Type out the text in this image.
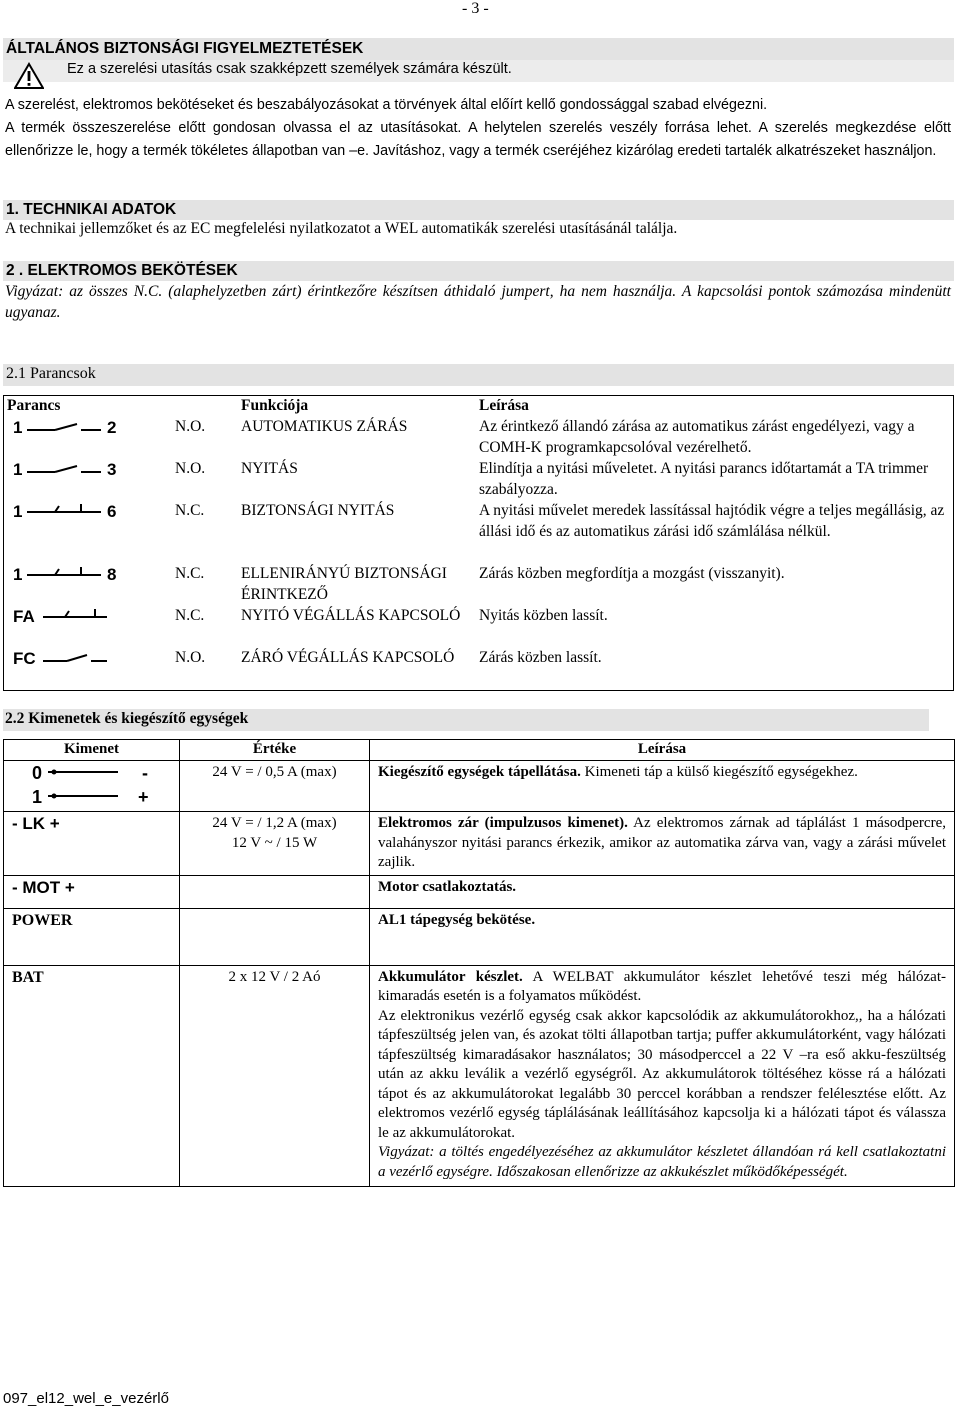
- 3 -
ÁLTALÁNOS BIZTONSÁGI FIGYELMEZTETÉSEK
Ez a szerelési utasítás csak szakképzett személyek számára készült.
A szerelést, elektromos bekötéseket és beszabályozásokat a törvények által előírt kellő gondossággal szabad elvégezni.
A termék összeszerelése előtt gondosan olvassa el az utasításokat. A helytelen szerelés veszély forrása lehet. A szerelés megkezdése előtt ellenőrizze le, hogy a termék tökéletes állapotban van –e. Javításhoz, vagy a termék cseréjéhez kizárólag eredeti tartalék alkatrészeket használjon.
1. TECHNIKAI ADATOK
A technikai jellemzőket és az EC megfelelési nyilatkozatot a WEL automatikák szerelési utasításánál találja.
2 . ELEKTROMOS BEKÖTÉSEK
Vigyázat: az összes N.C. (alaphelyzetben zárt) érintkezőre készítsen áthidaló jumpert, ha nem használja. A kapcsolási pontok számozása mindenütt ugyanaz.
2.1 Parancsok
Parancs		Funkciója	Leírása

1 2	N.O.	AUTOMATIKUS ZÁRÁS	Az érintkező állandó zárása az automatikus zárást engedélyezi, vagy a COMH-K programkapcsolóval vezérelhető.

1 3	N.O.	NYITÁS	Elindítja a nyitási műveletet. A nyitási parancs időtartamát a TA trimmer szabályozza.

1 6	N.C.	BIZTONSÁGI NYITÁS	A nyitási művelet meredek lassítással hajtódik végre a teljes megállásig, az állási idő és az automatikus zárási idő számlálása nélkül.

1 8	N.C.	ELLENIRÁNYÚ BIZTONSÁGI ÉRINTKEZŐ	Zárás közben megfordítja a mozgást (visszanyit).

FA	N.C.	NYITÓ VÉGÁLLÁS KAPCSOLÓ	Nyitás közben lassít.

FC	N.O.	ZÁRÓ VÉGÁLLÁS KAPCSOLÓ	Zárás közben lassít.
2.2 Kimenetek és kiegészítő egységek
Kimenet	Értéke	Leírása

0 -
1 +	24 V = / 0,5 A (max)	Kiegészítő egységek tápellátása. Kimeneti táp a külső kiegészítő egységekhez.
- LK +	24 V = / 1,2 A (max)
12 V ~ / 15 W	Elektromos zár (impulzusos kimenet). Az elektromos zárnak ad táplálást 1 másodpercre, valahányszor nyitási parancs érkezik, amikor az automatika zárva van, vagy a zárási művelet zajlik.
- MOT +		Motor csatlakoztatás.
POWER		AL1 tápegység bekötése.
BAT	2 x 12 V / 2 Aó	Akkumulátor készlet. A WELBAT akkumulátor készlet lehetővé teszi még hálózat-kimaradás esetén is a folyamatos működést.
Az elektronikus vezérlő egység csak akkor kapcsolódik az akkumulátorokhoz,, ha a hálózati tápfeszültség jelen van, és azokat tölti állapotban tartja; puffer akkumulátorként, vagy hálózati tápfeszültség kimaradásakor használatos; 30 másodperccel a 22 V –ra eső akku-feszültség után az akku leválik a vezérlő egységről. Az akkumulátorok töltéséhez kösse rá a hálózati tápot és az akkumulátorokat legalább 30 perccel korábban a rendszer felélesztése előtt. Az elektromos vezérlő egység táplálásának leállításához kapcsolja ki a hálózati tápot és válassza le az akkumulátorokat.
Vigyázat: a töltés engedélyezéséhez az akkumulátor készletet állandóan rá kell csatlakoztatni a vezérlő egységre. Időszakosan ellenőrizze az akkukészlet működőképességét.
097_el12_wel_e_vezérlő
